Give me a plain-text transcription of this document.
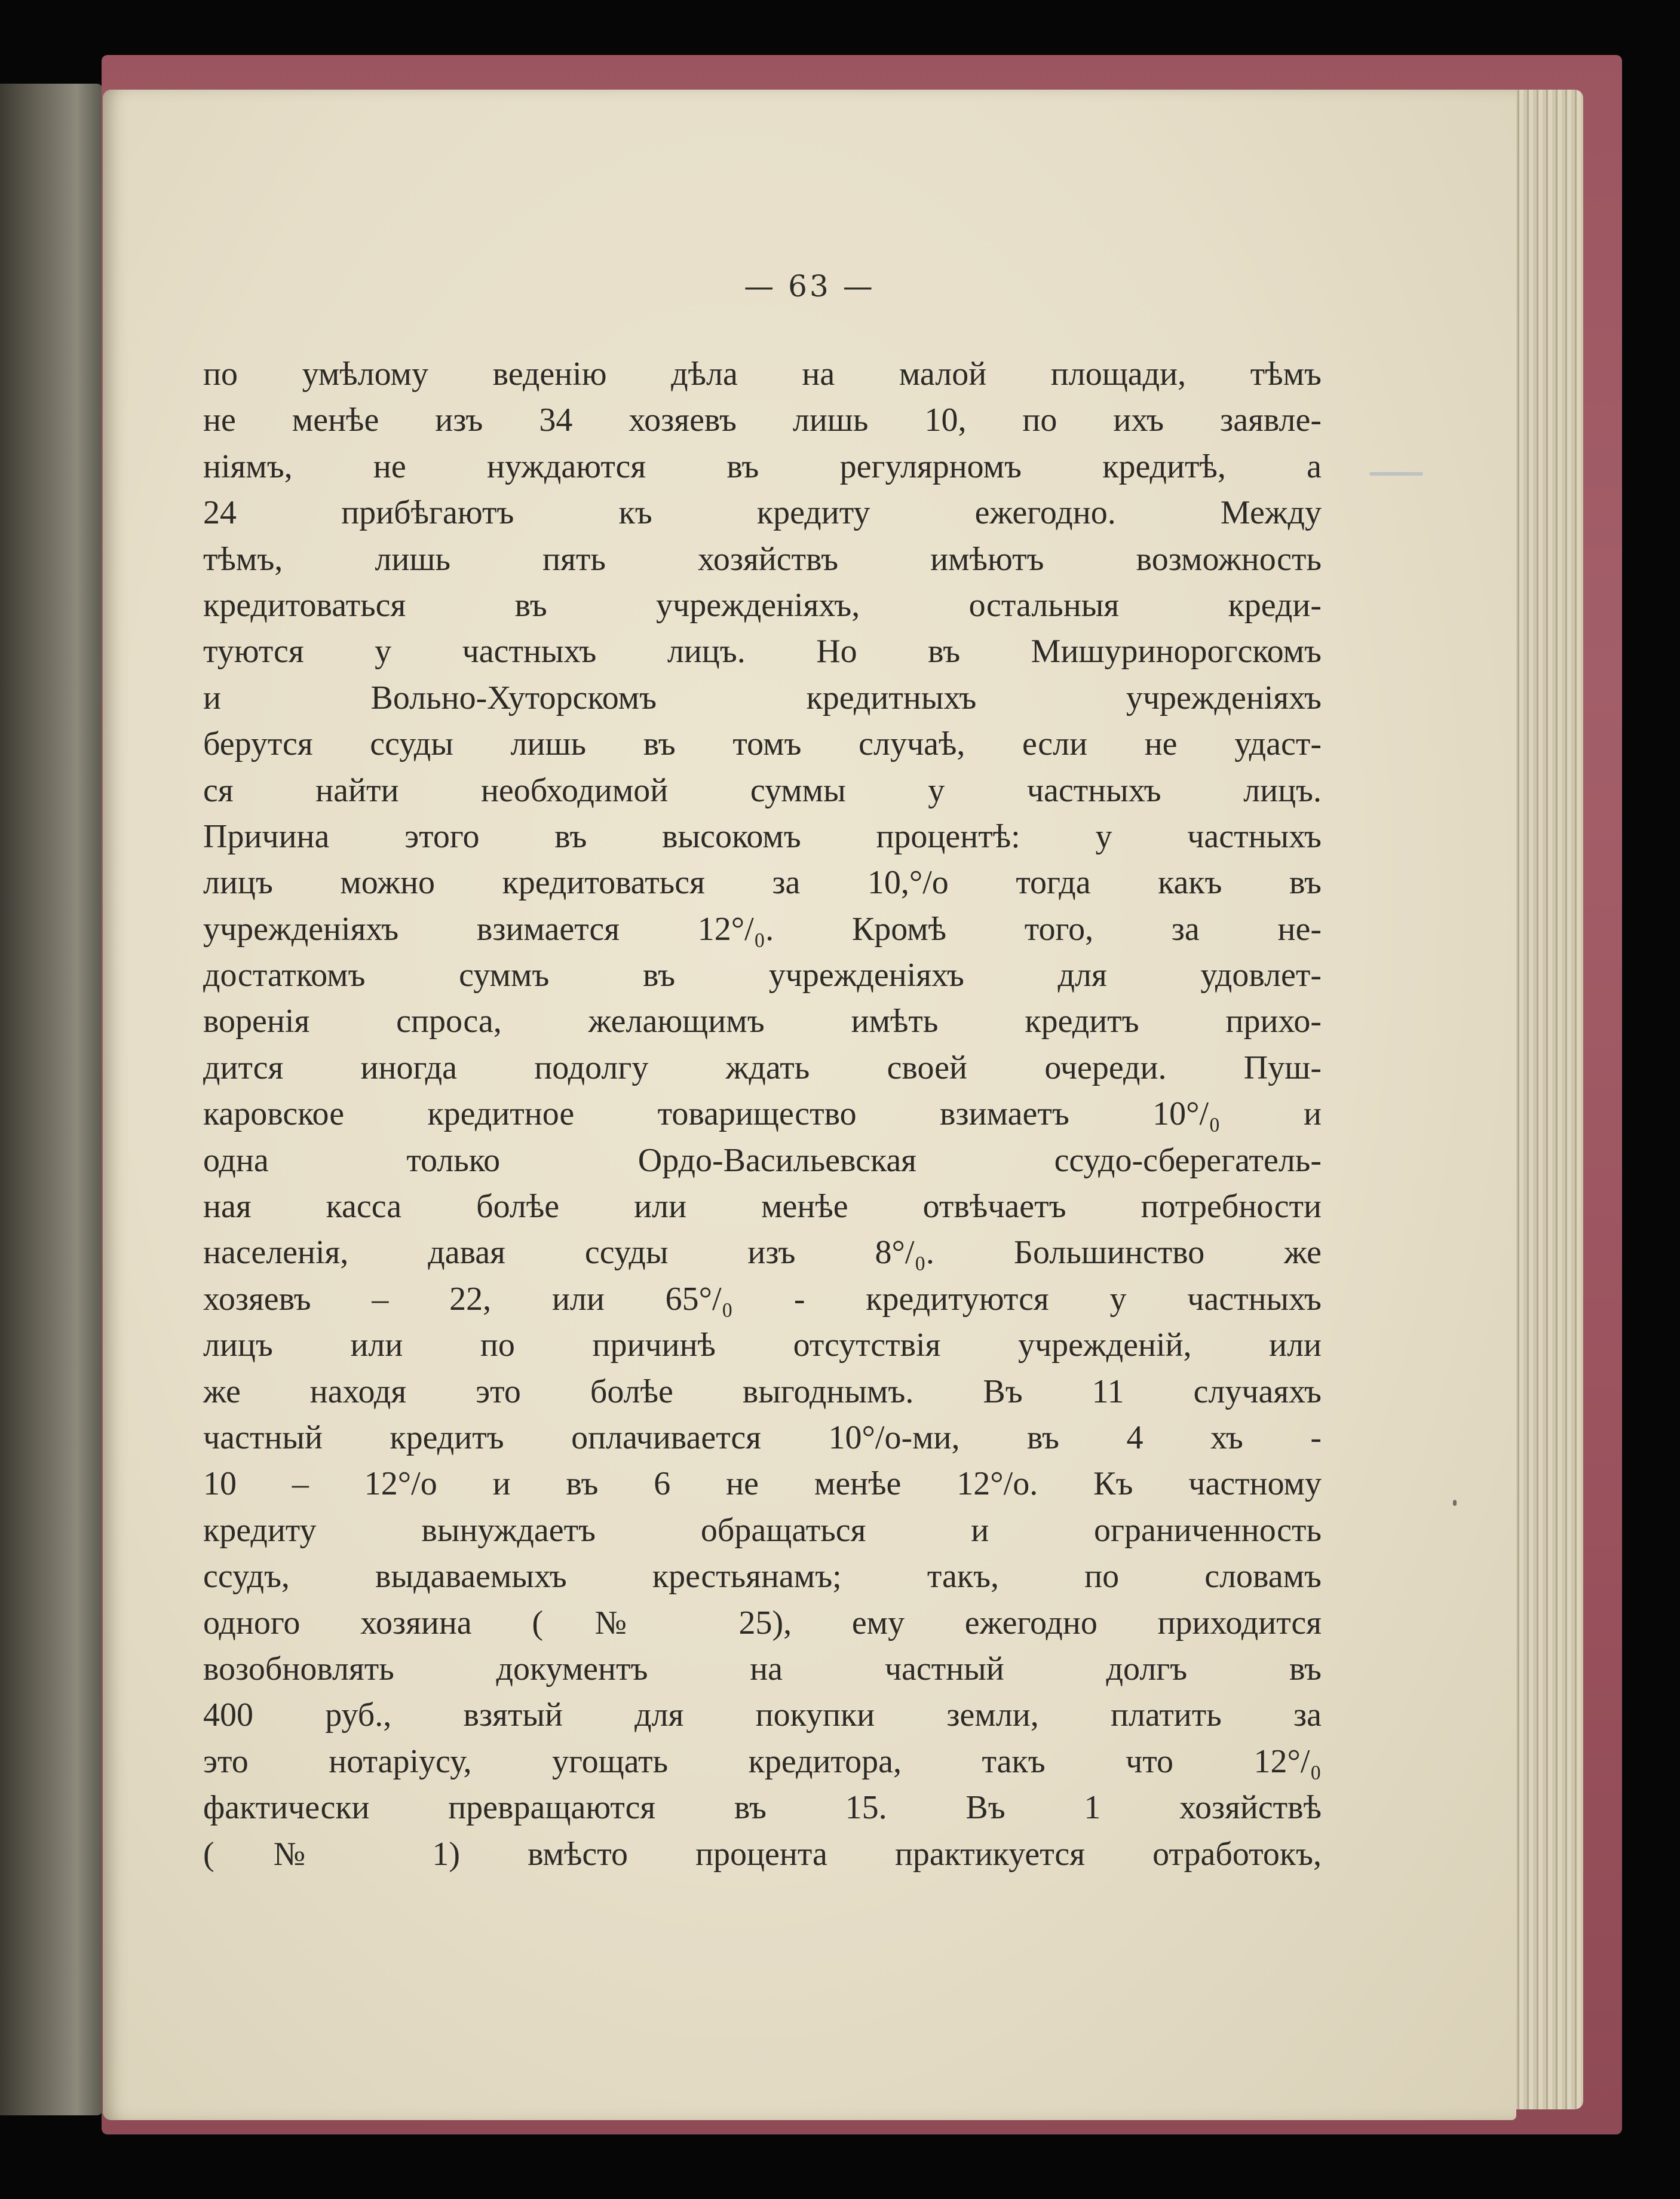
— 63 —
по умѣлому веденію дѣла на малой площади, тѣмъ
не менѣе изъ 34 хозяевъ лишь 10, по ихъ заявле-
ніямъ, не нуждаются въ регулярномъ кредитѣ, а
24 прибѣгаютъ къ кредиту ежегодно. Между
тѣмъ, лишь пять хозяйствъ имѣютъ возможность
кредитоваться въ учрежденіяхъ, остальныя креди-
туются у частныхъ лицъ. Но въ Мишуринорогскомъ
и Вольно-Хуторскомъ кредитныхъ учрежденіяхъ
берутся ссуды лишь въ томъ случаѣ, если не удаст-
ся найти необходимой суммы у частныхъ лицъ.
Причина этого въ высокомъ процентѣ: у частныхъ
лицъ можно кредитоваться за 10,°/о тогда какъ въ
учрежденіяхъ взимается 12°/₀. Кромѣ того, за не-
достаткомъ суммъ въ учрежденіяхъ для удовлет-
воренія спроса, желающимъ имѣть кредитъ прихо-
дится иногда подолгу ждать своей очереди. Пуш-
каровское кредитное товарищество взимаетъ 10°/₀ и
одна только Ордо-Васильевская ссудо-сберегатель-
ная касса болѣе или менѣе отвѣчаетъ потребности
населенія, давая ссуды изъ 8°/₀. Большинство же
хозяевъ – 22, или 65°/₀ - кредитуются у частныхъ
лицъ или по причинѣ отсутствія учрежденій, или
же находя это болѣе выгоднымъ. Въ 11 случаяхъ
частный кредитъ оплачивается 10°/о-ми, въ 4 хъ -
10 – 12°/о и въ 6 не менѣе 12°/о. Къ частному
кредиту вынуждаетъ обращаться и ограниченность
ссудъ, выдаваемыхъ крестьянамъ; такъ, по словамъ
одного хозяина (№ 25), ему ежегодно приходится
возобновлять документъ на частный долгъ въ
400 руб., взятый для покупки земли, платить за
это нотаріусу, угощать кредитора, такъ что 12°/₀
фактически превращаются въ 15. Въ 1 хозяйствѣ
(№ 1) вмѣсто процента практикуется отработокъ,
